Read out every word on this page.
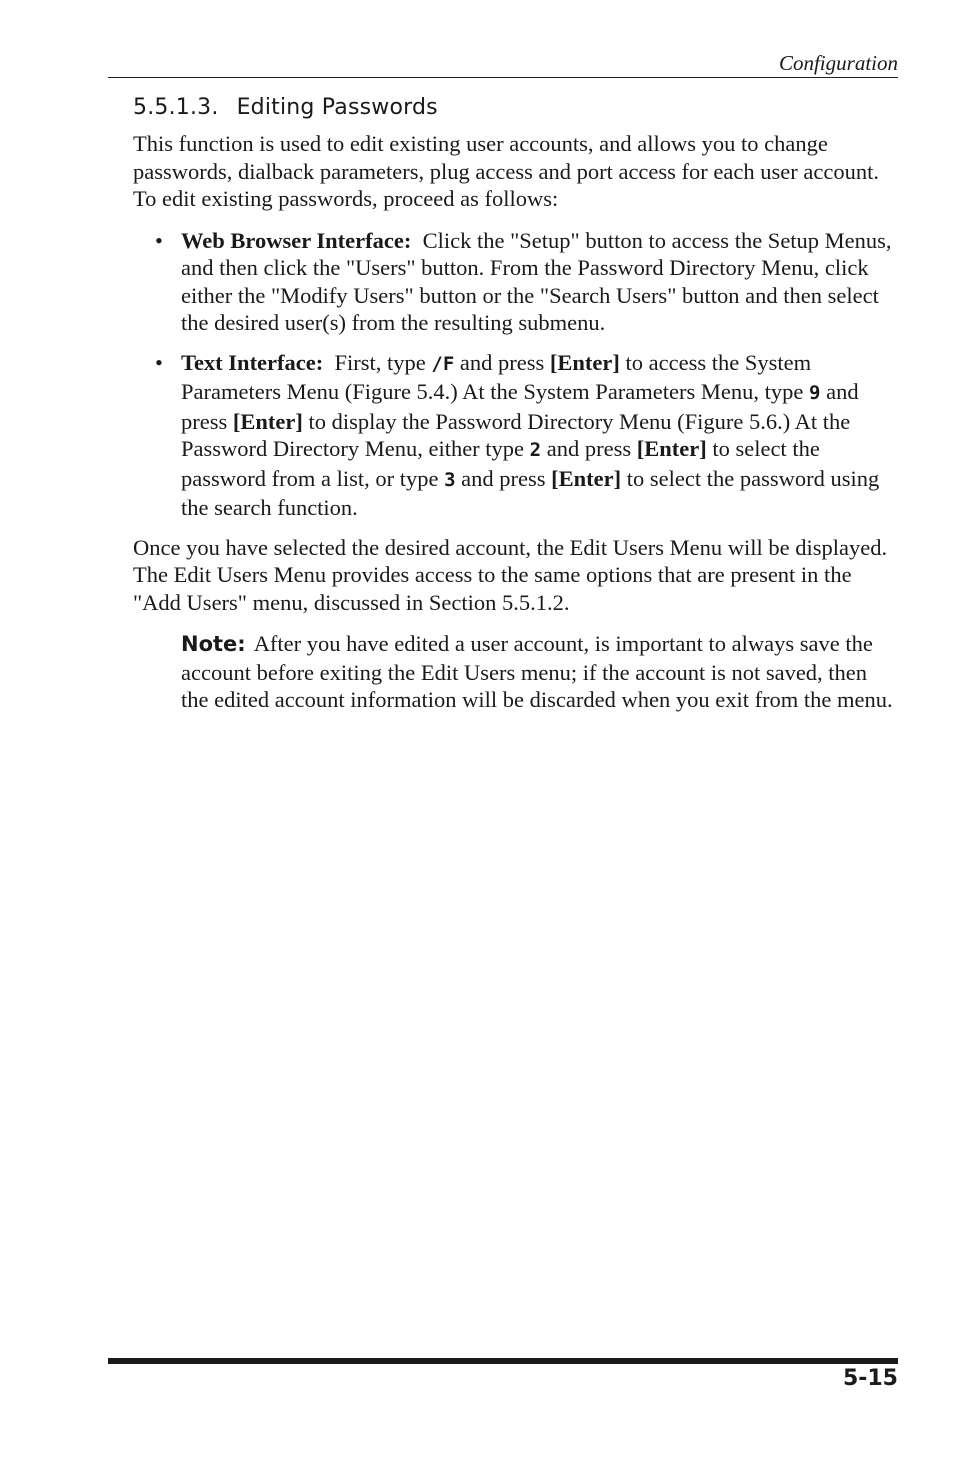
Configuration
5.5.1.3. Editing Passwords

This function is used to edit existing user accounts, and allows you to change passwords, dialback parameters, plug access and port access for each user account. To edit existing passwords, proceed as follows:

• Web Browser Interface: Click the "Setup" button to access the Setup Menus, and then click the "Users" button. From the Password Directory Menu, click either the "Modify Users" button or the "Search Users" button and then select the desired user(s) from the resulting submenu.
• Text Interface: First, type /F and press [Enter] to access the System Parameters Menu (Figure 5.4.) At the System Parameters Menu, type 9 and press [Enter] to display the Password Directory Menu (Figure 5.6.) At the Password Directory Menu, either type 2 and press [Enter] to select the password from a list, or type 3 and press [Enter] to select the password using the search function.

Once you have selected the desired account, the Edit Users Menu will be displayed. The Edit Users Menu provides access to the same options that are present in the "Add Users" menu, discussed in Section 5.5.1.2.

Note: After you have edited a user account, is important to always save the account before exiting the Edit Users menu; if the account is not saved, then the edited account information will be discarded when you exit from the menu.

5-15
